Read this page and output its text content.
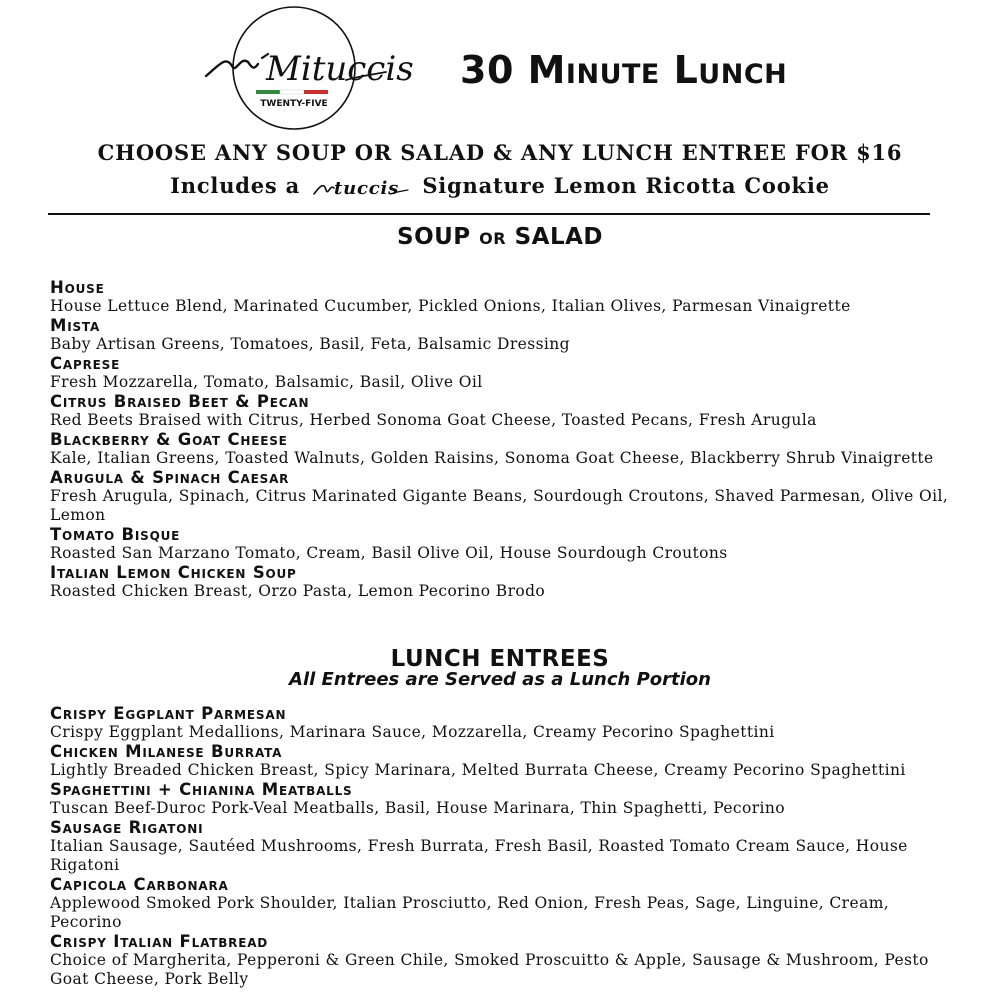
Mituccis
TWENTY-FIVE
30 Minute Lunch
CHOOSE ANY SOUP OR SALAD & ANY LUNCH ENTREE FOR $16
Includes a tuccis Signature Lemon Ricotta Cookie
SOUP or SALAD
House
House Lettuce Blend, Marinated Cucumber, Pickled Onions, Italian Olives, Parmesan Vinaigrette
Mista
Baby Artisan Greens, Tomatoes, Basil, Feta, Balsamic Dressing
Caprese
Fresh Mozzarella, Tomato, Balsamic, Basil, Olive Oil
Citrus Braised Beet & Pecan
Red Beets Braised with Citrus, Herbed Sonoma Goat Cheese, Toasted Pecans, Fresh Arugula
Blackberry & Goat Cheese
Kale, Italian Greens, Toasted Walnuts, Golden Raisins, Sonoma Goat Cheese, Blackberry Shrub Vinaigrette
Arugula & Spinach Caesar
Fresh Arugula, Spinach, Citrus Marinated Gigante Beans, Sourdough Croutons, Shaved Parmesan, Olive Oil, Lemon
Tomato Bisque
Roasted San Marzano Tomato, Cream, Basil Olive Oil, House Sourdough Croutons
Italian Lemon Chicken Soup
Roasted Chicken Breast, Orzo Pasta, Lemon Pecorino Brodo
LUNCH ENTREES
All Entrees are Served as a Lunch Portion
Crispy Eggplant Parmesan
Crispy Eggplant Medallions, Marinara Sauce, Mozzarella, Creamy Pecorino Spaghettini
Chicken Milanese Burrata
Lightly Breaded Chicken Breast, Spicy Marinara, Melted Burrata Cheese, Creamy Pecorino Spaghettini
Spaghettini + Chianina Meatballs
Tuscan Beef-Duroc Pork-Veal Meatballs, Basil, House Marinara, Thin Spaghetti, Pecorino
Sausage Rigatoni
Italian Sausage, Sautéed Mushrooms, Fresh Burrata, Fresh Basil, Roasted Tomato Cream Sauce, House Rigatoni
Capicola Carbonara
Applewood Smoked Pork Shoulder, Italian Prosciutto, Red Onion, Fresh Peas, Sage, Linguine, Cream, Pecorino
Crispy Italian Flatbread
Choice of Margherita, Pepperoni & Green Chile, Smoked Proscuitto & Apple, Sausage & Mushroom, Pesto Goat Cheese, Pork Belly
